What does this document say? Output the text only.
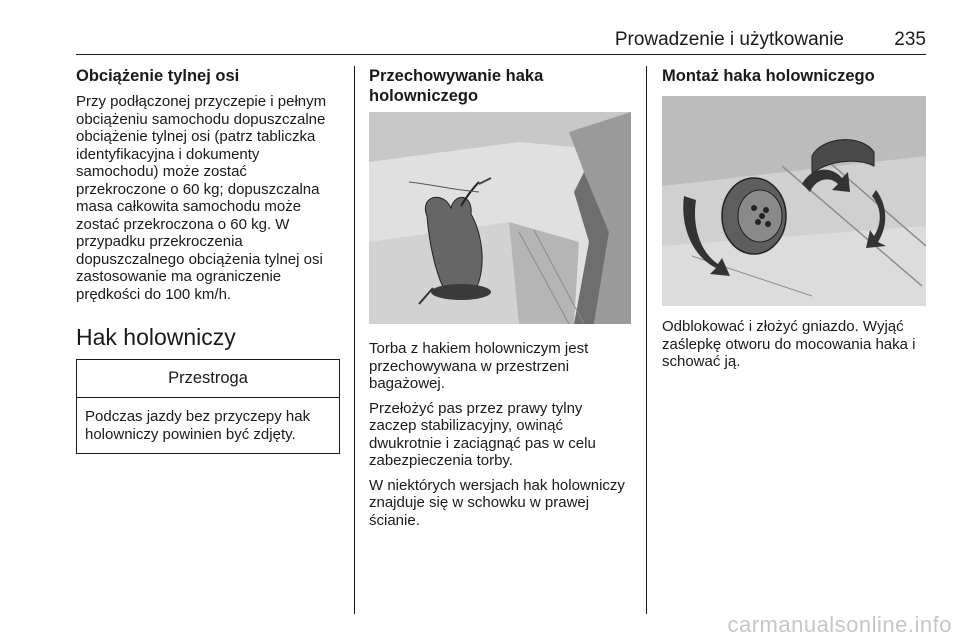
Prowadzenie i użytkowanie	235
Obciążenie tylnej osi

Przy podłączonej przyczepie i pełnym obciążeniu samochodu dopuszczalne obciążenie tylnej osi (patrz tabliczka identyfikacyjna i dokumenty samochodu) może zostać przekroczone o 60 kg; dopuszczalna masa całkowita samochodu może zostać przekroczona o 60 kg. W przypadku przekroczenia dopuszczalnego obciążenia tylnej osi zastosowanie ma ograniczenie prędkości do 100 km/h.

Hak holowniczy
Przestroga
Podczas jazdy bez przyczepy hak holowniczy powinien być zdjęty.
Przechowywanie haka holowniczego

Torba z hakiem holowniczym jest przechowywana w przestrzeni bagażowej.

Przełożyć pas przez prawy tylny zaczep stabilizacyjny, owinąć dwukrotnie i zaciągnąć pas w celu zabezpieczenia torby.

W niektórych wersjach hak holowniczy znajduje się w schowku w prawej ścianie.

Montaż haka holowniczego

Odblokować i złożyć gniazdo. Wyjąć zaślepkę otworu do mocowania haka i schować ją.

carmanualsonline.info
